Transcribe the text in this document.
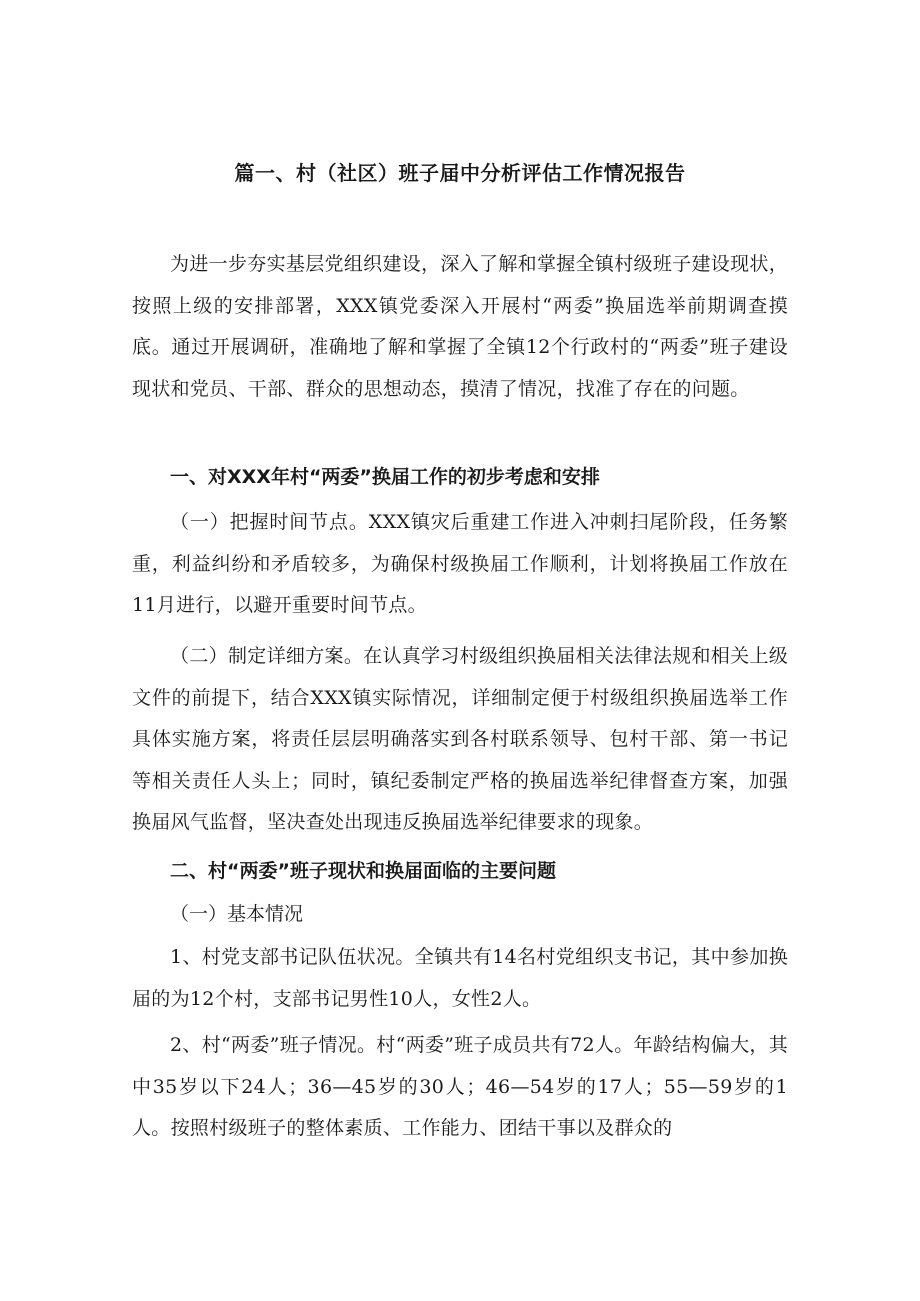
篇一、村（社区）班子届中分析评估工作情况报告

为进一步夯实基层党组织建设，深入了解和掌握全镇村级班子建设现状，按照上级的安排部署，XXX镇党委深入开展村“两委”换届选举前期调查摸底。通过开展调研，准确地了解和掌握了全镇12个行政村的“两委”班子建设现状和党员、干部、群众的思想动态，摸清了情况，找准了存在的问题。

一、对XXX年村“两委”换届工作的初步考虑和安排

（一）把握时间节点。XXX镇灾后重建工作进入冲刺扫尾阶段，任务繁重，利益纠纷和矛盾较多，为确保村级换届工作顺利，计划将换届工作放在11月进行，以避开重要时间节点。

（二）制定详细方案。在认真学习村级组织换届相关法律法规和相关上级文件的前提下，结合XXX镇实际情况，详细制定便于村级组织换届选举工作具体实施方案，将责任层层明确落实到各村联系领导、包村干部、第一书记等相关责任人头上；同时，镇纪委制定严格的换届选举纪律督查方案，加强换届风气监督，坚决查处出现违反换届选举纪律要求的现象。

二、村“两委”班子现状和换届面临的主要问题

（一）基本情况

1、村党支部书记队伍状况。全镇共有14名村党组织支书记，其中参加换届的为12个村，支部书记男性10人，女性2人。

2、村“两委”班子情况。村“两委”班子成员共有72人。年龄结构偏大，其中35岁以下24人；36—45岁的30人；46—54岁的17人；55—59岁的1人。按照村级班子的整体素质、工作能力、团结干事以及群众的
